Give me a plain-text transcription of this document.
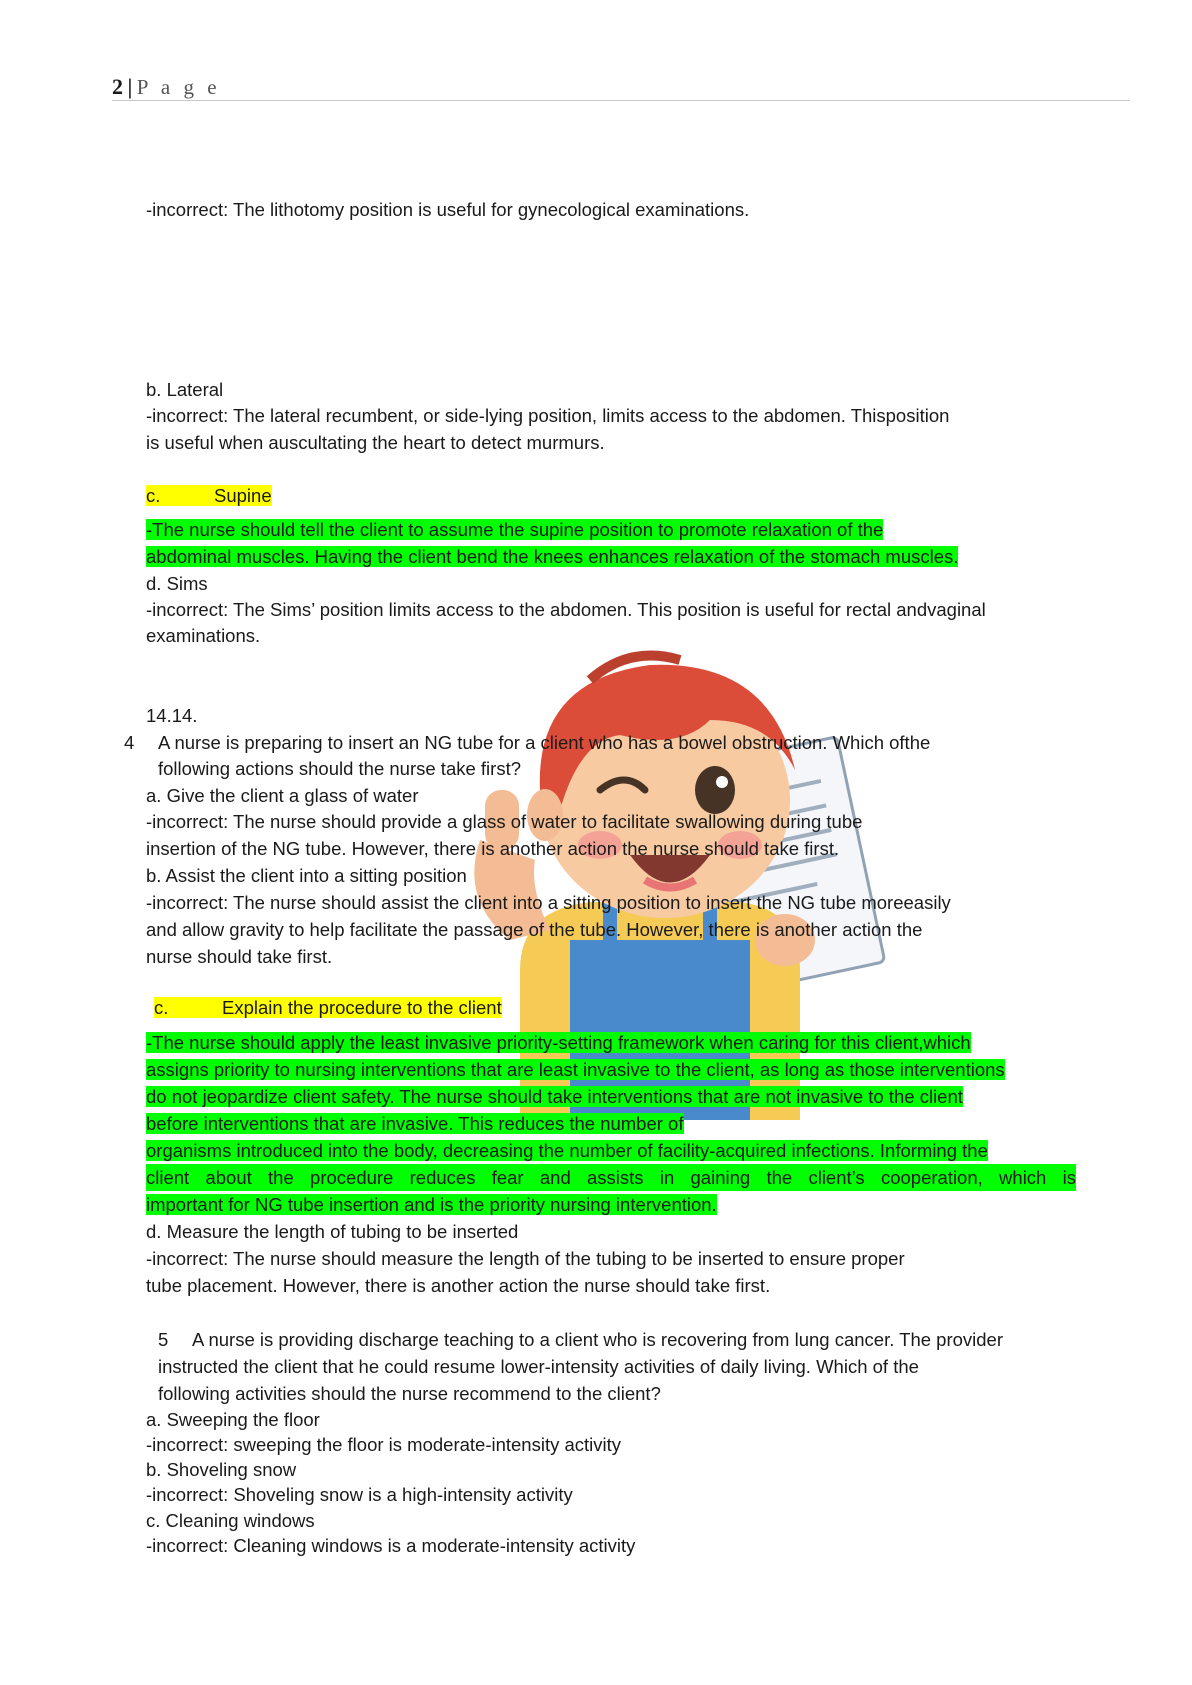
2 | P a g e
-incorrect: The lithotomy position is useful for gynecological examinations.
b. Lateral
-incorrect: The lateral recumbent, or side-lying position, limits access to the abdomen. Thisposition
is useful when auscultating the heart to detect murmurs.
c.	Supine
-The nurse should tell the client to assume the supine position to promote relaxation of the
abdominal muscles. Having the client bend the knees enhances relaxation of the stomach muscles.
d. Sims
-incorrect: The Sims’ position limits access to the abdomen. This position is useful for rectal andvaginal
examinations.
14.14.
4 A nurse is preparing to insert an NG tube for a client who has a bowel obstruction. Which ofthe
following actions should the nurse take first?
a. Give the client a glass of water
-incorrect: The nurse should provide a glass of water to facilitate swallowing during tube
insertion of the NG tube. However, there is another action the nurse should take first.
b. Assist the client into a sitting position
-incorrect: The nurse should assist the client into a sitting position to insert the NG tube moreeasily
and allow gravity to help facilitate the passage of the tube. However, there is another action the
nurse should take first.
c.	Explain the procedure to the client
-The nurse should apply the least invasive priority-setting framework when caring for this client,which
assigns priority to nursing interventions that are least invasive to the client, as long as those interventions
do not jeopardize client safety. The nurse should take interventions that are not invasive to the client
before interventions that are invasive. This reduces the number of
organisms introduced into the body, decreasing the number of facility-acquired infections. Informing the
client about the procedure reduces fear and assists in gaining the client’s cooperation, which is
important for NG tube insertion and is the priority nursing intervention.
d. Measure the length of tubing to be inserted
-incorrect: The nurse should measure the length of the tubing to be inserted to ensure proper
tube placement. However, there is another action the nurse should take first.
5 A nurse is providing discharge teaching to a client who is recovering from lung cancer. The provider
instructed the client that he could resume lower-intensity activities of daily living. Which of the
following activities should the nurse recommend to the client?
a. Sweeping the floor
-incorrect: sweeping the floor is moderate-intensity activity
b. Shoveling snow
-incorrect: Shoveling snow is a high-intensity activity
c. Cleaning windows
-incorrect: Cleaning windows is a moderate-intensity activity
